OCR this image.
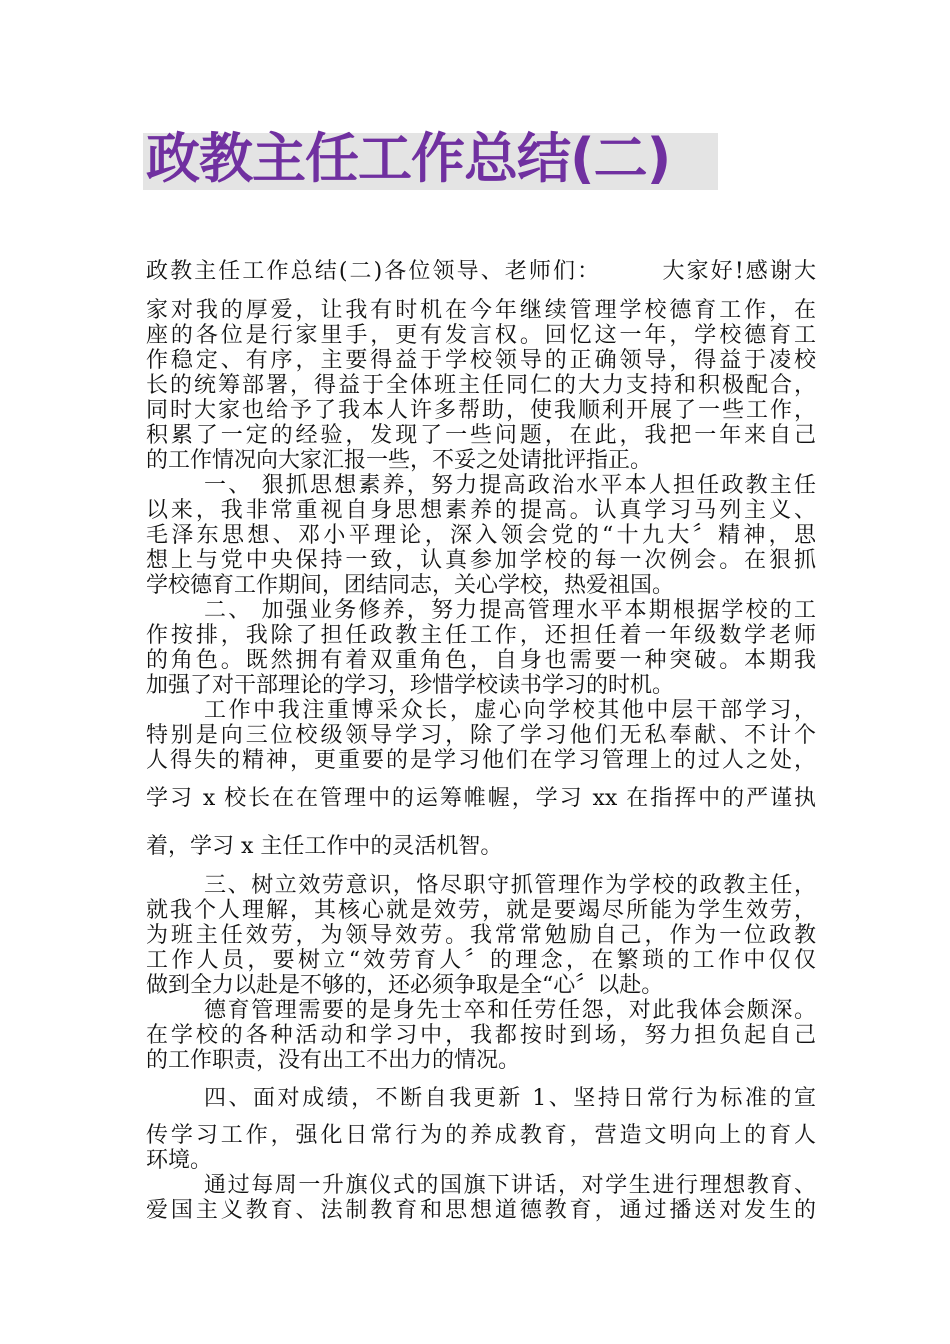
政教主任工作总结(二)
政教主任工作总结(二)各位领导、老师们：　　　大家好!感谢大
家对我的厚爱，让我有时机在今年继续管理学校德育工作，在
座的各位是行家里手，更有发言权。回忆这一年，学校德育工
作稳定、有序，主要得益于学校领导的正确领导，得益于凌校
长的统筹部署，得益于全体班主任同仁的大力支持和积极配合，
同时大家也给予了我本人许多帮助，使我顺利开展了一些工作，
积累了一定的经验，发现了一些问题，在此，我把一年来自己
的工作情况向大家汇报一些，不妥之处请批评指正。
一、 狠抓思想素养，努力提高政治水平本人担任政教主任
以来，我非常重视自身思想素养的提高。认真学习马列主义、
毛泽东思想、邓小平理论，深入领会党的“十九大〞精神，思
想上与党中央保持一致，认真参加学校的每一次例会。在狠抓
学校德育工作期间，团结同志，关心学校，热爱祖国。
二、 加强业务修养，努力提高管理水平本期根据学校的工
作按排，我除了担任政教主任工作，还担任着一年级数学老师
的角色。既然拥有着双重角色，自身也需要一种突破。本期我
加强了对干部理论的学习，珍惜学校读书学习的时机。
工作中我注重博采众长，虚心向学校其他中层干部学习，
特别是向三位校级领导学习，除了学习他们无私奉献、不计个
人得失的精神，更重要的是学习他们在学习管理上的过人之处，
学习 x 校长在在管理中的运筹帷幄，学习 xx 在指挥中的严谨执
着，学习 x 主任工作中的灵活机智。
三、树立效劳意识，恪尽职守抓管理作为学校的政教主任，
就我个人理解，其核心就是效劳，就是要竭尽所能为学生效劳，
为班主任效劳，为领导效劳。我常常勉励自己，作为一位政教
工作人员，要树立“效劳育人〞的理念，在繁琐的工作中仅仅
做到全力以赴是不够的，还必须争取是全“心〞以赴。
德育管理需要的是身先士卒和任劳任怨，对此我体会颇深。
在学校的各种活动和学习中，我都按时到场，努力担负起自己
的工作职责，没有出工不出力的情况。
四、面对成绩，不断自我更新 1、坚持日常行为标准的宣
传学习工作，强化日常行为的养成教育，营造文明向上的育人
环境。
通过每周一升旗仪式的国旗下讲话，对学生进行理想教育、
爱国主义教育、法制教育和思想道德教育，通过播送对发生的
